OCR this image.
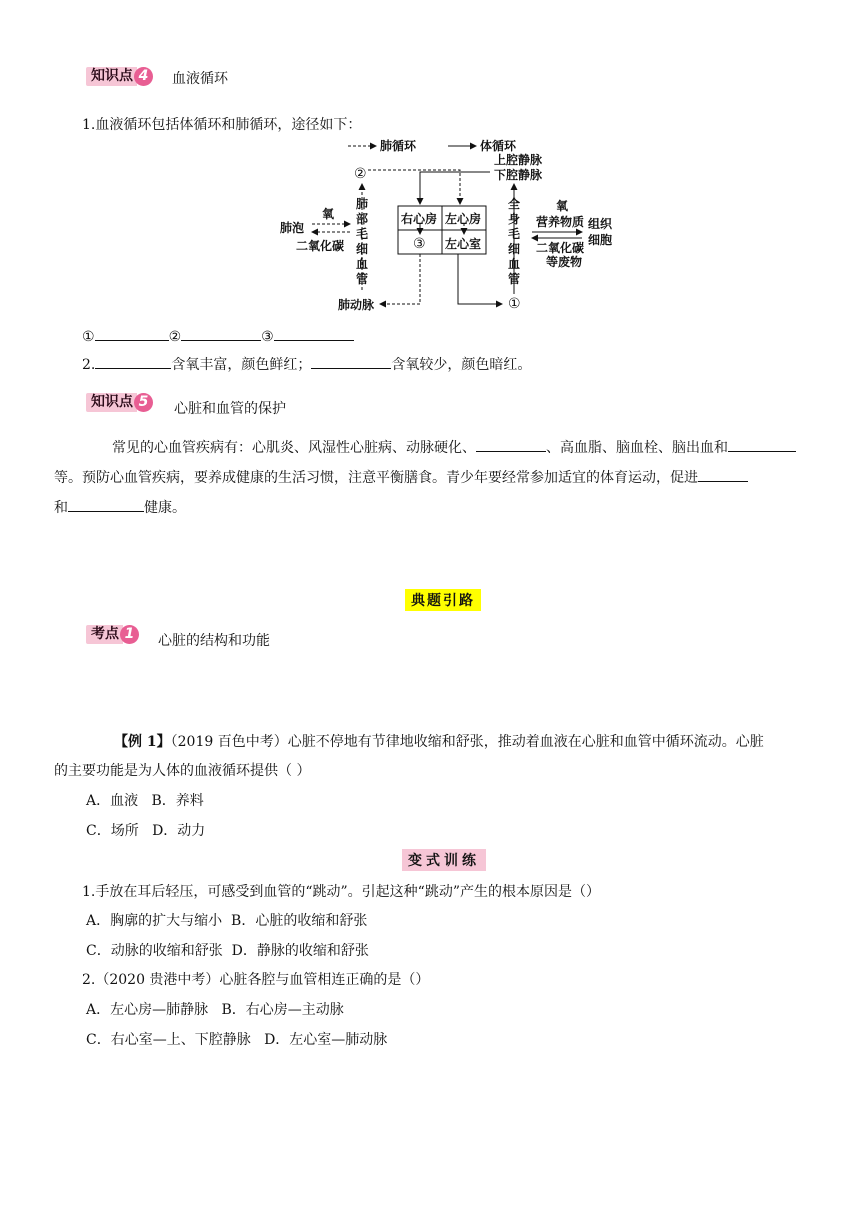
知识点 4	血液循环
1.血液循环包括体循环和肺循环，途径如下：
肺循环	体循环
上腔静脉
下腔静脉
②
肺
部
毛
细
血
管
肺泡
氧
二氧化碳
右心房 左心房
③ 左心室
肺动脉	①
全
身
毛
细
血
管
氧
营养物质
二氧化碳
等废物
组织
细胞
①	②	③
2.	含氧丰富，颜色鲜红；	含氧较少，颜色暗红。
知识点 5	心脏和血管的保护
常见的心血管疾病有：心肌炎、风湿性心脏病、动脉硬化、	、高血脂、脑血栓、脑出血和
等。预防心血管疾病，要养成健康的生活习惯，注意平衡膳食。青少年要经常参加适宜的体育运动，促进
和	健康。
典题引路
考点 1	心脏的结构和功能
【例 1】（2019 百色中考）心脏不停地有节律地收缩和舒张，推动着血液在心脏和血管中循环流动。心脏
的主要功能是为人体的血液循环提供（ ）
A．血液 B．养料
C．场所 D．动力
变式训练
1.手放在耳后轻压，可感受到血管的“跳动”。引起这种“跳动”产生的根本原因是（）
A．胸廓的扩大与缩小 B．心脏的收缩和舒张
C．动脉的收缩和舒张 D．静脉的收缩和舒张
2.（2020 贵港中考）心脏各腔与血管相连正确的是（）
A．左心房—肺静脉 B．右心房—主动脉
C．右心室—上、下腔静脉 D．左心室—肺动脉
